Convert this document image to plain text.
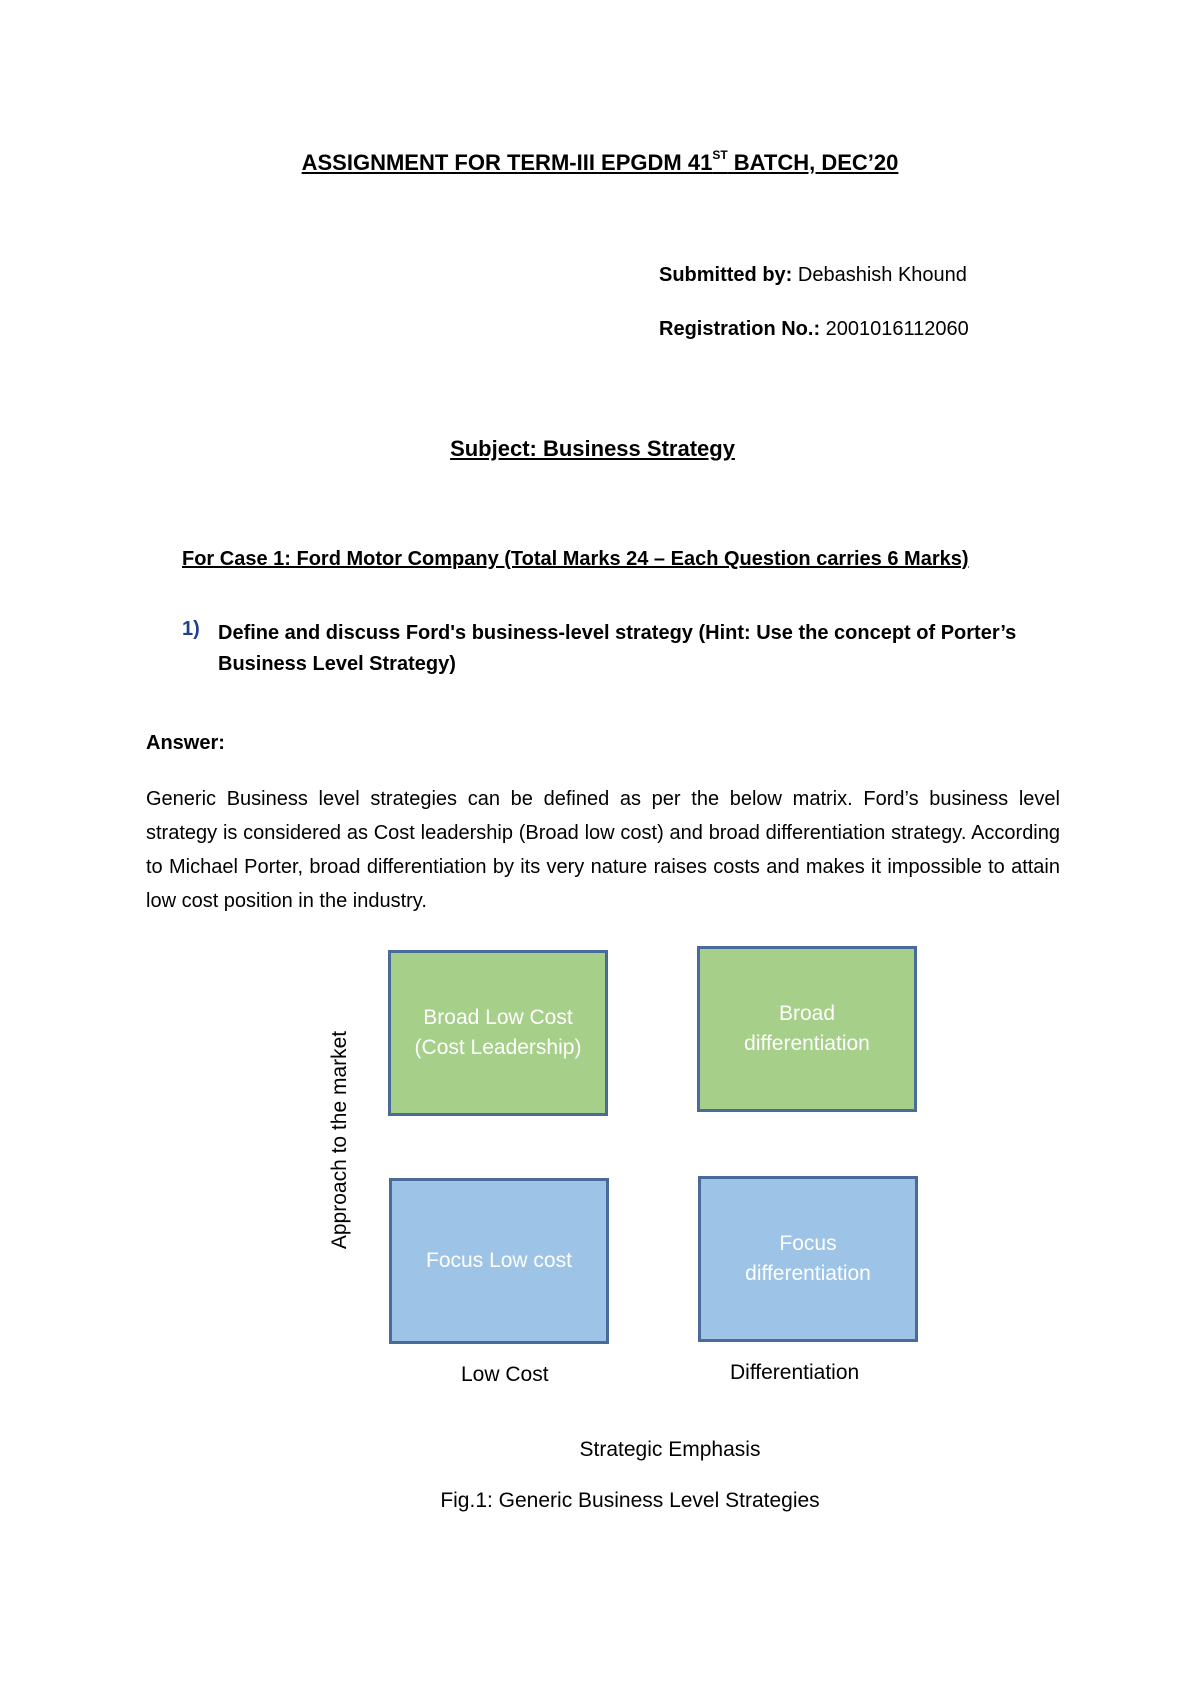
ASSIGNMENT FOR TERM-III EPGDM 41ST BATCH, DEC’20
Submitted by: Debashish Khound
Registration No.: 2001016112060
Subject: Business Strategy
For Case 1: Ford Motor Company (Total Marks 24 – Each Question carries 6 Marks)
1) Define and discuss Ford's business-level strategy (Hint: Use the concept of Porter’s Business Level Strategy)
Answer:
Generic Business level strategies can be defined as per the below matrix. Ford’s business level strategy is considered as Cost leadership (Broad low cost) and broad differentiation strategy. According to Michael Porter, broad differentiation by its very nature raises costs and makes it impossible to attain low cost position in the industry.
Broad Low Cost (Cost Leadership)
Broad differentiation
Focus Low cost
Focus differentiation
Approach to the market
Low Cost	Differentiation
Strategic Emphasis
Fig.1: Generic Business Level Strategies
